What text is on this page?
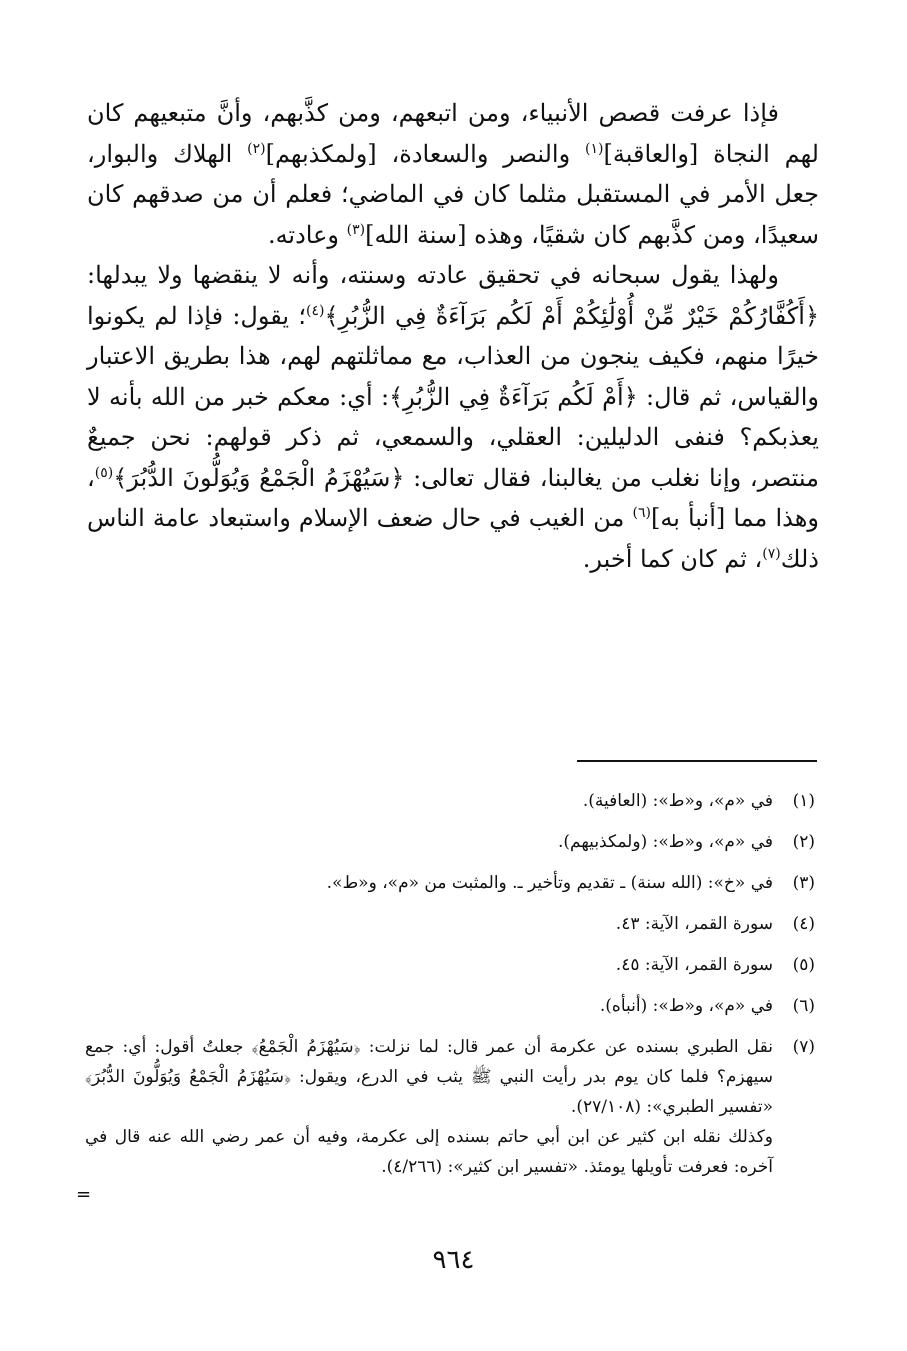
فإذا عرفت قصص الأنبياء، ومن اتبعهم، ومن كذَّبهم، وأنَّ متبعيهم كان لهم النجاة [والعاقبة]$^{(١)}$ والنصر والسعادة، [ولمكذبهم]$^{(٢)}$ الهلاك والبوار، جعل الأمر في المستقبل مثلما كان في الماضي؛ فعلم أن من صدقهم كان سعيدًا، ومن كذَّبهم كان شقيًا، وهذه [سنة الله]$^{(٣)}$ وعادته.

ولهذا يقول سبحانه في تحقيق عادته وسنته، وأنه لا ينقضها ولا يبدلها: ﴿أَكُفَّارُكُمْ خَيْرٌ مِّنْ أُوْلَٰئِكُمْ أَمْ لَكُم بَرَآءَةٌ فِي الزُّبُرِ﴾$^{(٤)}$؛ يقول: فإذا لم يكونوا خيرًا منهم، فكيف ينجون من العذاب، مع مماثلتهم لهم، هذا بطريق الاعتبار والقياس، ثم قال: ﴿أَمْ لَكُم بَرَآءَةٌ فِي الزُّبُرِ﴾: أي: معكم خبر من الله بأنه لا يعذبكم؟ فنفى الدليلين: العقلي، والسمعي، ثم ذكر قولهم: نحن جميعٌ منتصر، وإنا نغلب من يغالبنا، فقال تعالى: ﴿سَيُهْزَمُ الْجَمْعُ وَيُوَلُّونَ الدُّبُرَ﴾$^{(٥)}$، وهذا مما [أنبأ به]$^{(٦)}$ من الغيب في حال ضعف الإسلام واستبعاد عامة الناس ذلك$^{(٧)}$، ثم كان كما أخبر.

(١)
في «م»، و«ط»: (العافية).
(٢)
في «م»، و«ط»: (ولمكذبيهم).
(٣)
في «خ»: (الله سنة) ـ تقديم وتأخير ـ. والمثبت من «م»، و«ط».
(٤)
سورة القمر، الآية: ٤٣.
(٥)
سورة القمر، الآية: ٤٥.
(٦)
في «م»، و«ط»: (أنبأه).
(٧)

نقل الطبري بسنده عن عكرمة أن عمر قال: لما نزلت: ﴿سَيُهْزَمُ الْجَمْعُ﴾ جعلتُ أقول: أي: جمع سيهزم؟ فلما كان يوم بدر رأيت النبي ﷺ يثب في الدرع، ويقول: ﴿سَيُهْزَمُ الْجَمْعُ وَيُوَلُّونَ الدُّبُرَ﴾ «تفسير الطبري»: (٢٧/١٠٨).

وكذلك نقله ابن كثير عن ابن أبي حاتم بسنده إلى عكرمة، وفيه أن عمر رضي الله عنه قال في آخره: فعرفت تأويلها يومئذ. «تفسير ابن كثير»: (٤/٢٦٦).

=
٩٦٤
